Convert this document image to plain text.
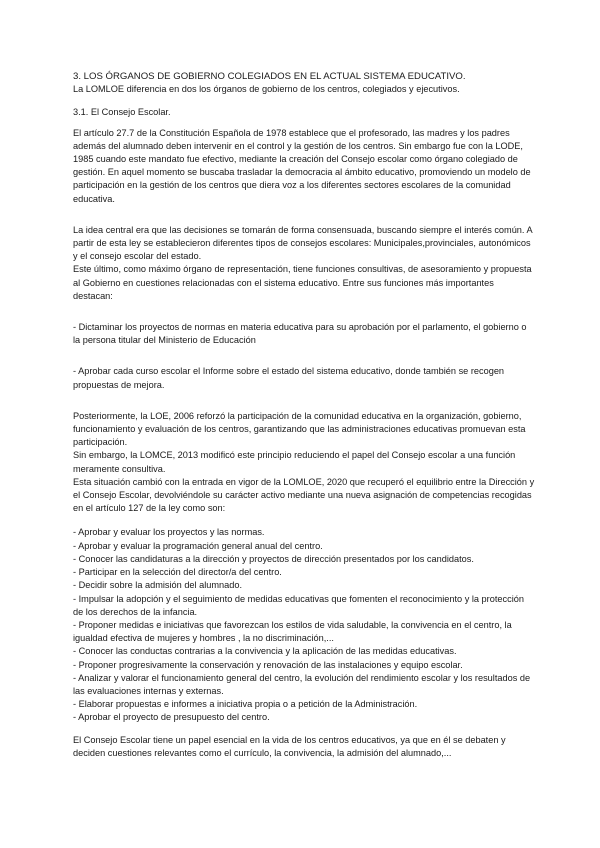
3. LOS ÓRGANOS DE GOBIERNO COLEGIADOS EN EL ACTUAL SISTEMA EDUCATIVO.

La LOMLOE diferencia en dos los órganos de gobierno de los centros, colegiados y ejecutivos.

3.1. El Consejo Escolar.

El artículo 27.7 de la Constitución Española de 1978 establece que el profesorado, las madres y los padres además del alumnado deben intervenir en el control y la gestión de los centros. Sin embargo fue con la LODE, 1985 cuando este mandato fue efectivo, mediante la creación del Consejo escolar como órgano colegiado de gestión. En aquel momento se buscaba trasladar la democracia al ámbito educativo, promoviendo un modelo de participación en la gestión de los centros que diera voz a los diferentes sectores escolares de la comunidad educativa.

La idea central era que las decisiones se tomarán de forma consensuada, buscando siempre el interés común. A partir de esta ley se establecieron diferentes tipos de consejos escolares: Municipales,provinciales, autonómicos y el consejo escolar del estado.

Este último, como máximo órgano de representación, tiene funciones consultivas, de asesoramiento y propuesta al Gobierno en cuestiones relacionadas con el sistema educativo. Entre sus funciones más importantes destacan:

- Dictaminar los proyectos de normas en materia educativa para su aprobación por el parlamento, el gobierno o la persona titular del Ministerio de Educación

- Aprobar cada curso escolar el Informe sobre el estado del sistema educativo, donde también se recogen propuestas de mejora.

Posteriormente, la LOE, 2006 reforzó la participación de la comunidad educativa en la organización, gobierno, funcionamiento y evaluación de los centros, garantizando que las administraciones educativas promuevan esta participación.

Sin embargo, la LOMCE, 2013 modificó este principio reduciendo el papel del Consejo escolar a una función meramente consultiva.

Esta situación cambió con la entrada en vigor de la LOMLOE, 2020 que recuperó el equilibrio entre la Dirección y el Consejo Escolar, devolviéndole su carácter activo mediante una nueva asignación de competencias recogidas en el artículo 127 de la ley como son:

- Aprobar y evaluar los proyectos y las normas.

- Aprobar y evaluar la programación general anual del centro.

- Conocer las candidaturas a la dirección y proyectos de dirección presentados por los candidatos.

- Participar en la selección del director/a del centro.

- Decidir sobre la admisión del alumnado.

- Impulsar la adopción y el seguimiento de medidas educativas que fomenten el reconocimiento y la protección de los derechos de la infancia.

- Proponer medidas e iniciativas que favorezcan los estilos de vida saludable, la convivencia en el centro, la igualdad efectiva de mujeres y hombres , la no discriminación,...

- Conocer las conductas contrarias a la convivencia y la aplicación de las medidas educativas.

- Proponer progresivamente la conservación y renovación de las instalaciones y equipo escolar.

- Analizar y valorar el funcionamiento general del centro, la evolución del rendimiento escolar y los resultados de las evaluaciones internas y externas.

- Elaborar propuestas e informes a iniciativa propia o a petición de la Administración.

- Aprobar el proyecto de presupuesto del centro.

El Consejo Escolar tiene un papel esencial en la vida de los centros educativos, ya que en él se debaten y deciden cuestiones relevantes como el currículo, la convivencia, la admisión del alumnado,...
